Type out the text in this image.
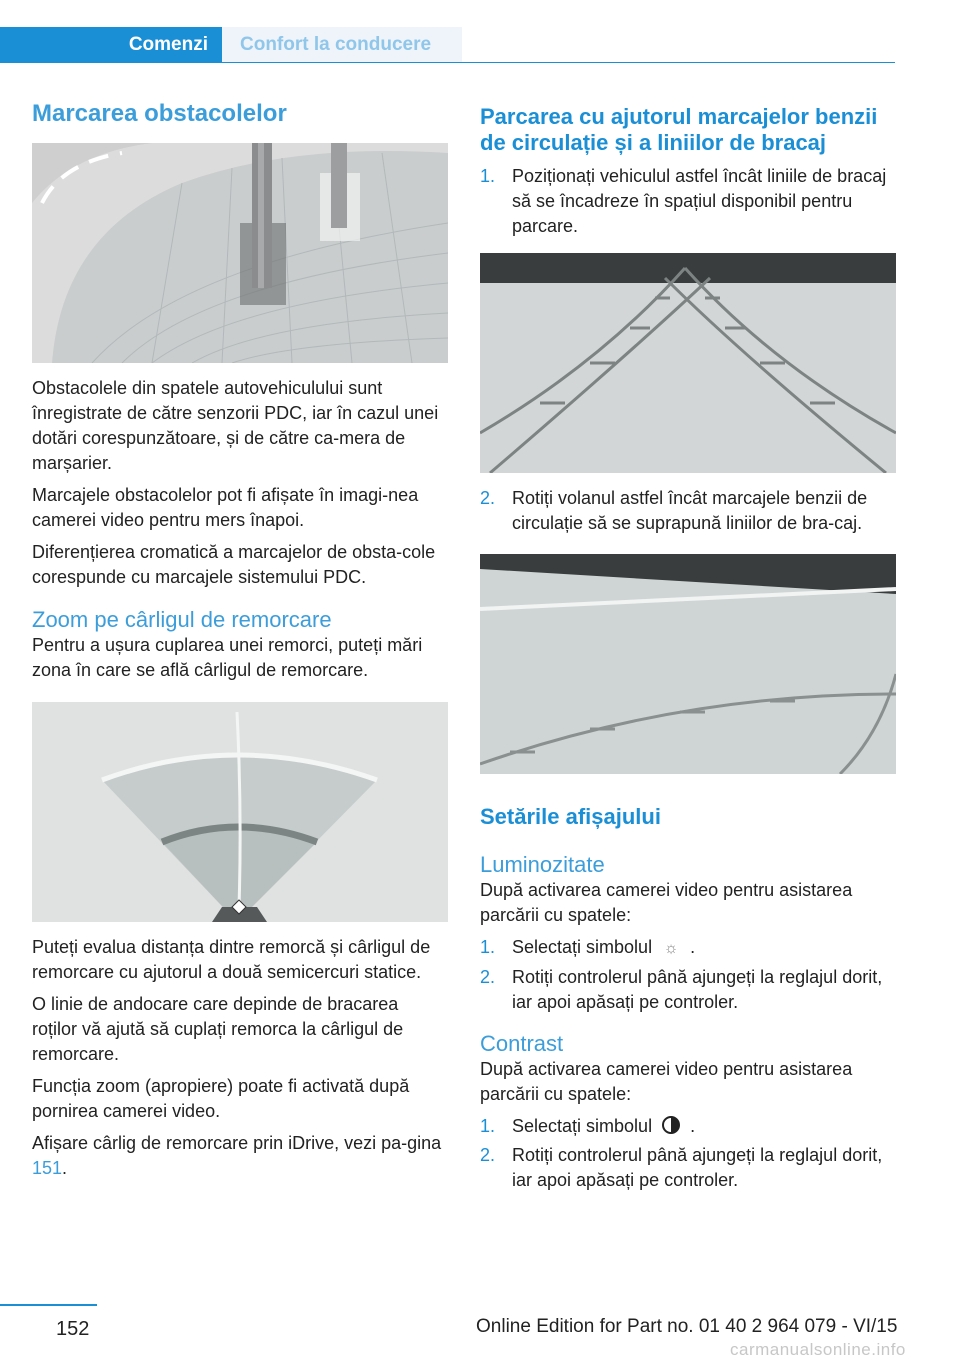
Comenzi	Confort la conducere
Marcarea obstacolelor

Obstacolele din spatele autovehiculului sunt înregistrate de către senzorii PDC, iar în cazul unei dotări corespunzătoare, și de către ca-mera de marșarier.

Marcajele obstacolelor pot fi afișate în imagi-nea camerei video pentru mers înapoi.

Diferențierea cromatică a marcajelor de obsta-cole corespunde cu marcajele sistemului PDC.

Zoom pe cârligul de remorcare

Pentru a ușura cuplarea unei remorci, puteți mări zona în care se află cârligul de remorcare.

Puteți evalua distanța dintre remorcă și cârligul de remorcare cu ajutorul a două semicercuri statice.

O linie de andocare care depinde de bracarea roților vă ajută să cuplați remorca la cârligul de remorcare.

Funcția zoom (apropiere) poate fi activată după pornirea camerei video.

Afișare cârlig de remorcare prin iDrive, vezi pa-gina 151.

Parcarea cu ajutorul marcajelor benzii de circulație și a liniilor de bracaj
1. Poziționați vehiculul astfel încât liniile de bracaj să se încadreze în spațiul disponibil pentru parcare.
2. Rotiți volanul astfel încât marcajele benzii de circulație să se suprapună liniilor de bra-caj.
Setările afișajului
Luminozitate

După activarea camerei video pentru asistarea parcării cu spatele:

1. Selectați simbolul ☼ .
2. Rotiți controlerul până ajungeți la reglajul dorit, iar apoi apăsați pe controler.
Contrast

După activarea camerei video pentru asistarea parcării cu spatele:

1. Selectați simbolul .
2. Rotiți controlerul până ajungeți la reglajul dorit, iar apoi apăsați pe controler.
152	Online Edition for Part no. 01 40 2 964 079 - VI/15
carmanualsonline.info
